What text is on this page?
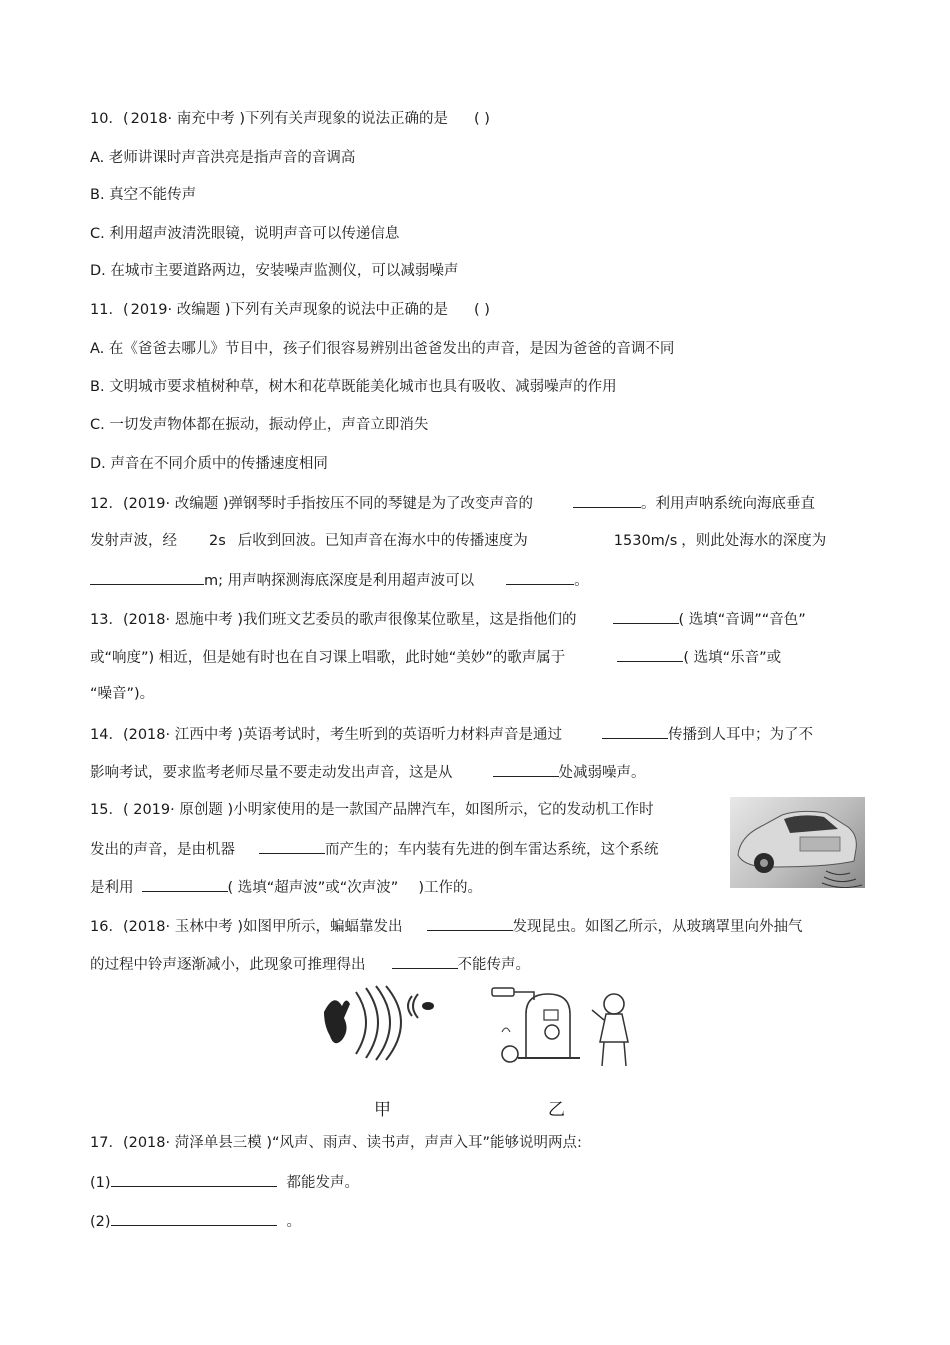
10．( 2018· 南充中考 )下列有关声现象的说法正确的是 ( )
A. 老师讲课时声音洪亮是指声音的音调高
B. 真空不能传声
C. 利用超声波清洗眼镜，说明声音可以传递信息
D. 在城市主要道路两边，安装噪声监测仪，可以减弱噪声
11．( 2019· 改编题 )下列有关声现象的说法中正确的是 ( )
A. 在《爸爸去哪儿》节目中，孩子们很容易辨别出爸爸发出的声音，是因为爸爸的音调不同
B. 文明城市要求植树种草，树木和花草既能美化城市也具有吸收、减弱噪声的作用
C. 一切发声物体都在振动，振动停止，声音立即消失
D. 声音在不同介质中的传播速度相同
12．(2019· 改编题 )弹钢琴时手指按压不同的琴键是为了改变声音的	。利用声呐系统向海底垂直
发射声波，经 2s 后收到回波。已知声音在海水中的传播速度为	1530m/s ，则此处海水的深度为
m; 用声呐探测海底深度是利用超声波可以	。
13．(2018· 恩施中考 )我们班文艺委员的歌声很像某位歌星，这是指他们的	( 选填“音调”“音色”
或“响度”) 相近，但是她有时也在自习课上唱歌，此时她“美妙”的歌声属于	( 选填“乐音”或
“噪音”)。
14．(2018· 江西中考 )英语考试时，考生听到的英语听力材料声音是通过	传播到人耳中；为了不
影响考试，要求监考老师尽量不要走动发出声音，这是从	处减弱噪声。
15．( 2019· 原创题 )小明家使用的是一款国产品牌汽车，如图所示，它的发动机工作时
发出的声音，是由机器	而产生的；车内装有先进的倒车雷达系统，这个系统
是利用	( 选填“超声波”或“次声波” )工作的。
16．(2018· 玉林中考 )如图甲所示，蝙蝠靠发出	发现昆虫。如图乙所示，从玻璃罩里向外抽气
的过程中铃声逐渐减小，此现象可推理得出	不能传声。
甲	乙
17．(2018· 菏泽单县三模 )“风声、雨声、读书声，声声入耳”能够说明两点:
(1)	都能发声。
(2)	。
